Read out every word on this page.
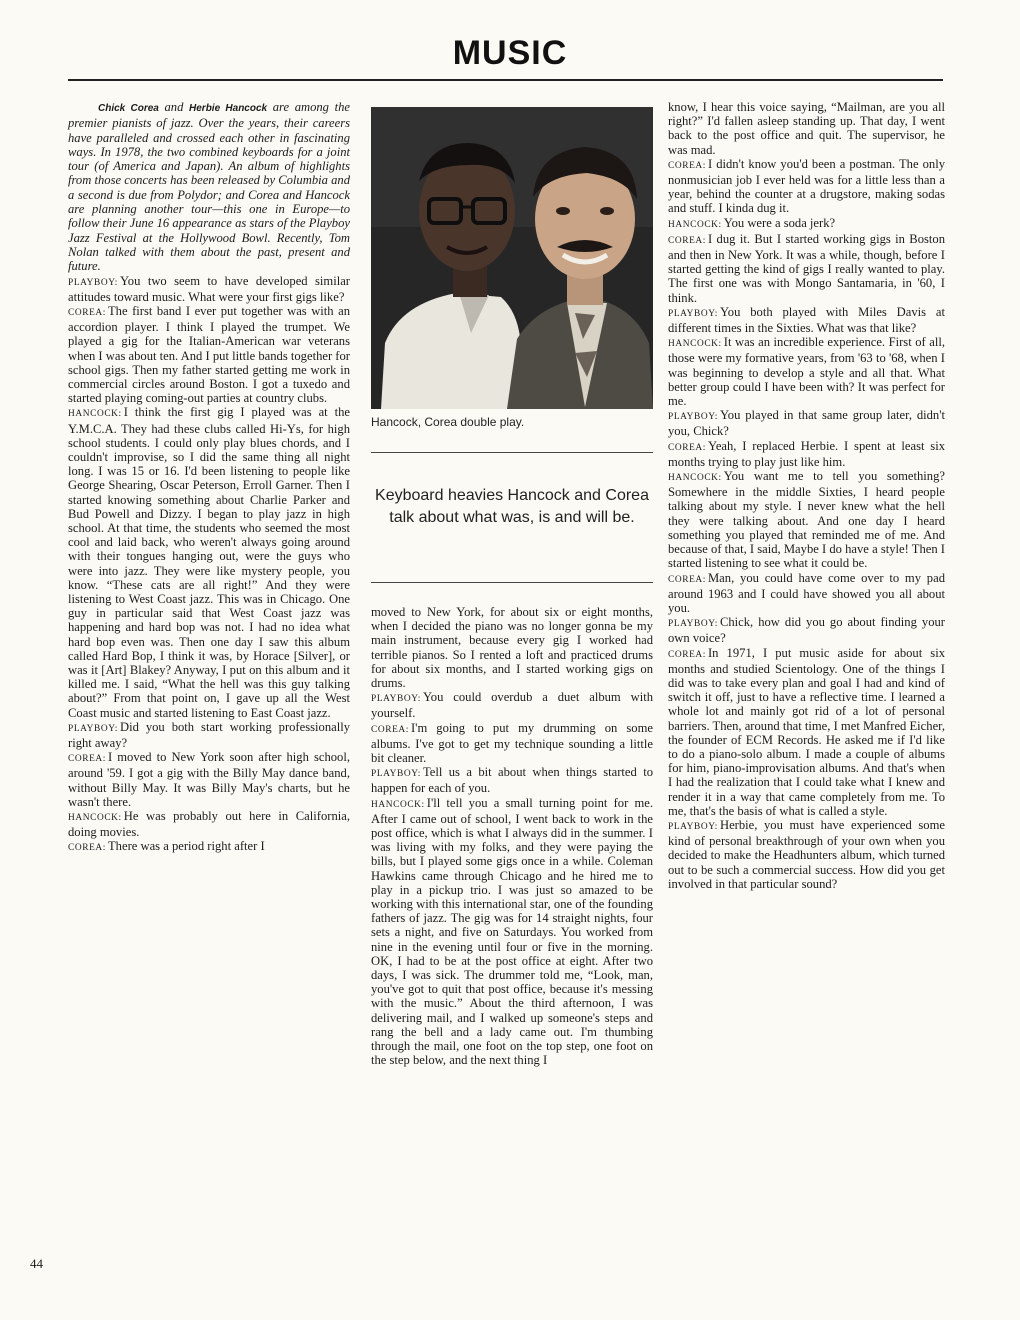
MUSIC

Chick Corea and Herbie Hancock are among the premier pianists of jazz. Over the years, their careers have paralleled and crossed each other in fascinating ways. In 1978, the two combined keyboards for a joint tour (of America and Japan). An album of highlights from those concerts has been released by Columbia and a second is due from Polydor; and Corea and Hancock are planning another tour—this one in Europe—to follow their June 16 appearance as stars of the Playboy Jazz Festival at the Hollywood Bowl. Recently, Tom Nolan talked with them about the past, present and future.

PLAYBOY: You two seem to have developed similar attitudes toward music. What were your first gigs like?

COREA: The first band I ever put together was with an accordion player. I think I played the trumpet. We played a gig for the Italian-American war veterans when I was about ten. And I put little bands together for school gigs. Then my father started getting me work in commercial circles around Boston. I got a tuxedo and started playing coming-out parties at country clubs.

HANCOCK: I think the first gig I played was at the Y.M.C.A. They had these clubs called Hi-Ys, for high school students. I could only play blues chords, and I couldn't improvise, so I did the same thing all night long. I was 15 or 16. I'd been listening to people like George Shearing, Oscar Peterson, Erroll Garner. Then I started knowing something about Charlie Parker and Bud Powell and Dizzy. I began to play jazz in high school. At that time, the students who seemed the most cool and laid back, who weren't always going around with their tongues hanging out, were the guys who were into jazz. They were like mystery people, you know. “These cats are all right!” And they were listening to West Coast jazz. This was in Chicago. One guy in particular said that West Coast jazz was happening and hard bop was not. I had no idea what hard bop even was. Then one day I saw this album called Hard Bop, I think it was, by Horace [Silver], or was it [Art] Blakey? Anyway, I put on this album and it killed me. I said, “What the hell was this guy talking about?” From that point on, I gave up all the West Coast music and started listening to East Coast jazz.

PLAYBOY: Did you both start working professionally right away?

COREA: I moved to New York soon after high school, around '59. I got a gig with the Billy May dance band, without Billy May. It was Billy May's charts, but he wasn't there.

HANCOCK: He was probably out here in California, doing movies.

COREA: There was a period right after I

Hancock, Corea double play.
Keyboard heavies Hancock and Corea talk about what was, is and will be.

moved to New York, for about six or eight months, when I decided the piano was no longer gonna be my main instrument, because every gig I worked had terrible pianos. So I rented a loft and practiced drums for about six months, and I started working gigs on drums.

PLAYBOY: You could overdub a duet album with yourself.

COREA: I'm going to put my drumming on some albums. I've got to get my technique sounding a little bit cleaner.

PLAYBOY: Tell us a bit about when things started to happen for each of you.

HANCOCK: I'll tell you a small turning point for me. After I came out of school, I went back to work in the post office, which is what I always did in the summer. I was living with my folks, and they were paying the bills, but I played some gigs once in a while. Coleman Hawkins came through Chicago and he hired me to play in a pickup trio. I was just so amazed to be working with this international star, one of the founding fathers of jazz. The gig was for 14 straight nights, four sets a night, and five on Saturdays. You worked from nine in the evening until four or five in the morning. OK, I had to be at the post office at eight. After two days, I was sick. The drummer told me, “Look, man, you've got to quit that post office, because it's messing with the music.” About the third afternoon, I was delivering mail, and I walked up someone's steps and rang the bell and a lady came out. I'm thumbing through the mail, one foot on the top step, one foot on the step below, and the next thing I

know, I hear this voice saying, “Mailman, are you all right?” I'd fallen asleep standing up. That day, I went back to the post office and quit. The supervisor, he was mad.

COREA: I didn't know you'd been a postman. The only nonmusician job I ever held was for a little less than a year, behind the counter at a drugstore, making sodas and stuff. I kinda dug it.

HANCOCK: You were a soda jerk?

COREA: I dug it. But I started working gigs in Boston and then in New York. It was a while, though, before I started getting the kind of gigs I really wanted to play. The first one was with Mongo Santamaria, in '60, I think.

PLAYBOY: You both played with Miles Davis at different times in the Sixties. What was that like?

HANCOCK: It was an incredible experience. First of all, those were my formative years, from '63 to '68, when I was beginning to develop a style and all that. What better group could I have been with? It was perfect for me.

PLAYBOY: You played in that same group later, didn't you, Chick?

COREA: Yeah, I replaced Herbie. I spent at least six months trying to play just like him.

HANCOCK: You want me to tell you something? Somewhere in the middle Sixties, I heard people talking about my style. I never knew what the hell they were talking about. And one day I heard something you played that reminded me of me. And because of that, I said, Maybe I do have a style! Then I started listening to see what it could be.

COREA: Man, you could have come over to my pad around 1963 and I could have showed you all about you.

PLAYBOY: Chick, how did you go about finding your own voice?

COREA: In 1971, I put music aside for about six months and studied Scientology. One of the things I did was to take every plan and goal I had and kind of switch it off, just to have a reflective time. I learned a whole lot and mainly got rid of a lot of personal barriers. Then, around that time, I met Manfred Eicher, the founder of ECM Records. He asked me if I'd like to do a piano-solo album. I made a couple of albums for him, piano-improvisation albums. And that's when I had the realization that I could take what I knew and render it in a way that came completely from me. To me, that's the basis of what is called a style.

PLAYBOY: Herbie, you must have experienced some kind of personal breakthrough of your own when you decided to make the Headhunters album, which turned out to be such a commercial success. How did you get involved in that particular sound?

44
